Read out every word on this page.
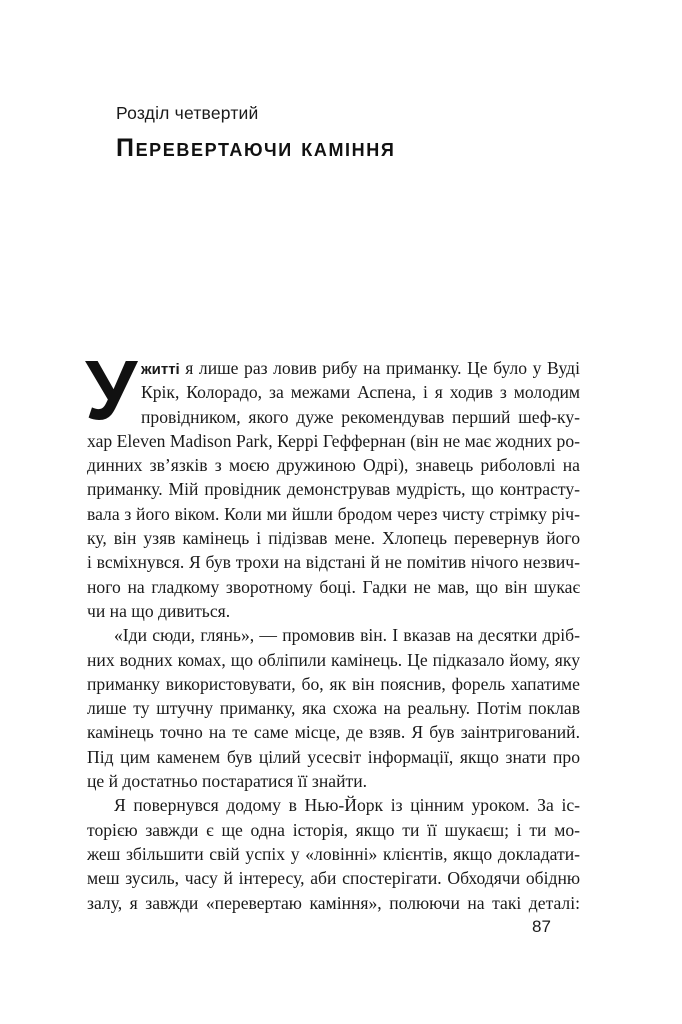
Розділ четвертий
Перевертаючи каміння
У житті я лише раз ловив рибу на приманку. Це було у Вуді
Крік, Колорадо, за межами Аспена, і я ходив з молодим
провідником, якого дуже рекомендував перший шеф-ку-
хар Eleven Madison Park, Керрі Геффернан (він не має жодних ро-
динних зв’язків з моєю дружиною Одрі), знавець риболовлі на
приманку. Мій провідник демонстрував мудрість, що контрасту-
вала з його віком. Коли ми йшли бродом через чисту стрімку річ-
ку, він узяв камінець і підізвав мене. Хлопець перевернув його
і всміхнувся. Я був трохи на відстані й не помітив нічого незвич-
ного на гладкому зворотному боці. Гадки не мав, що він шукає
чи на що дивиться.
«Іди сюди, глянь», — промовив він. І вказав на десятки дріб-
них водних комах, що обліпили камінець. Це підказало йому, яку
приманку використовувати, бо, як він пояснив, форель хапатиме
лише ту штучну приманку, яка схожа на реальну. Потім поклав
камінець точно на те саме місце, де взяв. Я був заінтригований.
Під цим каменем був цілий усесвіт інформації, якщо знати про
це й достатньо постаратися її знайти.
Я повернувся додому в Нью-Йорк із цінним уроком. За іс-
торією завжди є ще одна історія, якщо ти її шукаєш; і ти мо-
жеш збільшити свій успіх у «ловінні» клієнтів, якщо докладати-
меш зусиль, часу й інтересу, аби спостерігати. Обходячи обідню
залу, я завжди «перевертаю каміння», полюючи на такі деталі:
87
